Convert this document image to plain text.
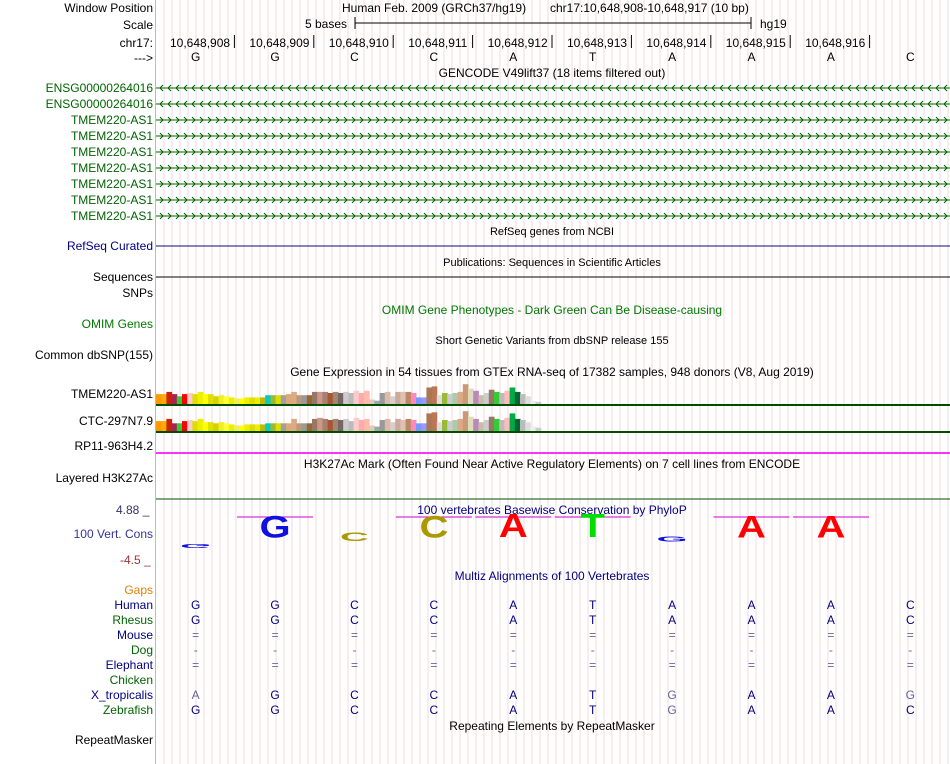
Window Position	Human Feb. 2009 (GRCh37/hg19) chr17:10,648,908-10,648,917 (10 bp)
Scale	5 bases	hg19
chr17: 10,648,908 10,648,909 10,648,910 10,648,911 10,648,912 10,648,913 10,648,914 10,648,915 10,648,916
--->	G	G	C	C	A	T	A	A	A	C
GENCODE V49lift37 (18 items filtered out)
ENSG00000264016
ENSG00000264016
TMEM220-AS1
TMEM220-AS1
TMEM220-AS1
TMEM220-AS1
TMEM220-AS1
TMEM220-AS1
TMEM220-AS1
RefSeq genes from NCBI
RefSeq Curated
Publications: Sequences in Scientific Articles
Sequences
SNPs
OMIM Gene Phenotypes - Dark Green Can Be Disease-causing
OMIM Genes
Short Genetic Variants from dbSNP release 155
Common dbSNP(155)
Gene Expression in 54 tissues from GTEx RNA-seq of 17382 samples, 948 donors (V8, Aug 2019)
TMEM220-AS1
CTC-297N7.9
RP11-963H4.2
H3K27Ac Mark (Often Found Near Active Regulatory Elements) on 7 cell lines from ENCODE
Layered H3K27Ac
100 vertebrates Basewise Conservation by PhyloP
4.88 _
100 Vert. Cons
-4.5 _
G
G	C	C	A	T	G	A	A
Multiz Alignments of 100 Vertebrates
Gaps
Human	G	G	C	C	A	T	A	A	A	C
Rhesus	G	G	C	C	A	T	A	A	A	C
Mouse	=	=	=	=	=	=	=	=	=	=
Dog	-	-	-	-	-	-	-	-	-	-
Elephant	=	=	=	=	=	=	=	=	=	=
Chicken
X_tropicalis	A	G	C	C	A	T	G	A	A	G
Zebrafish	G	G	C	C	A	T	G	A	A	C
Repeating Elements by RepeatMasker
RepeatMasker
